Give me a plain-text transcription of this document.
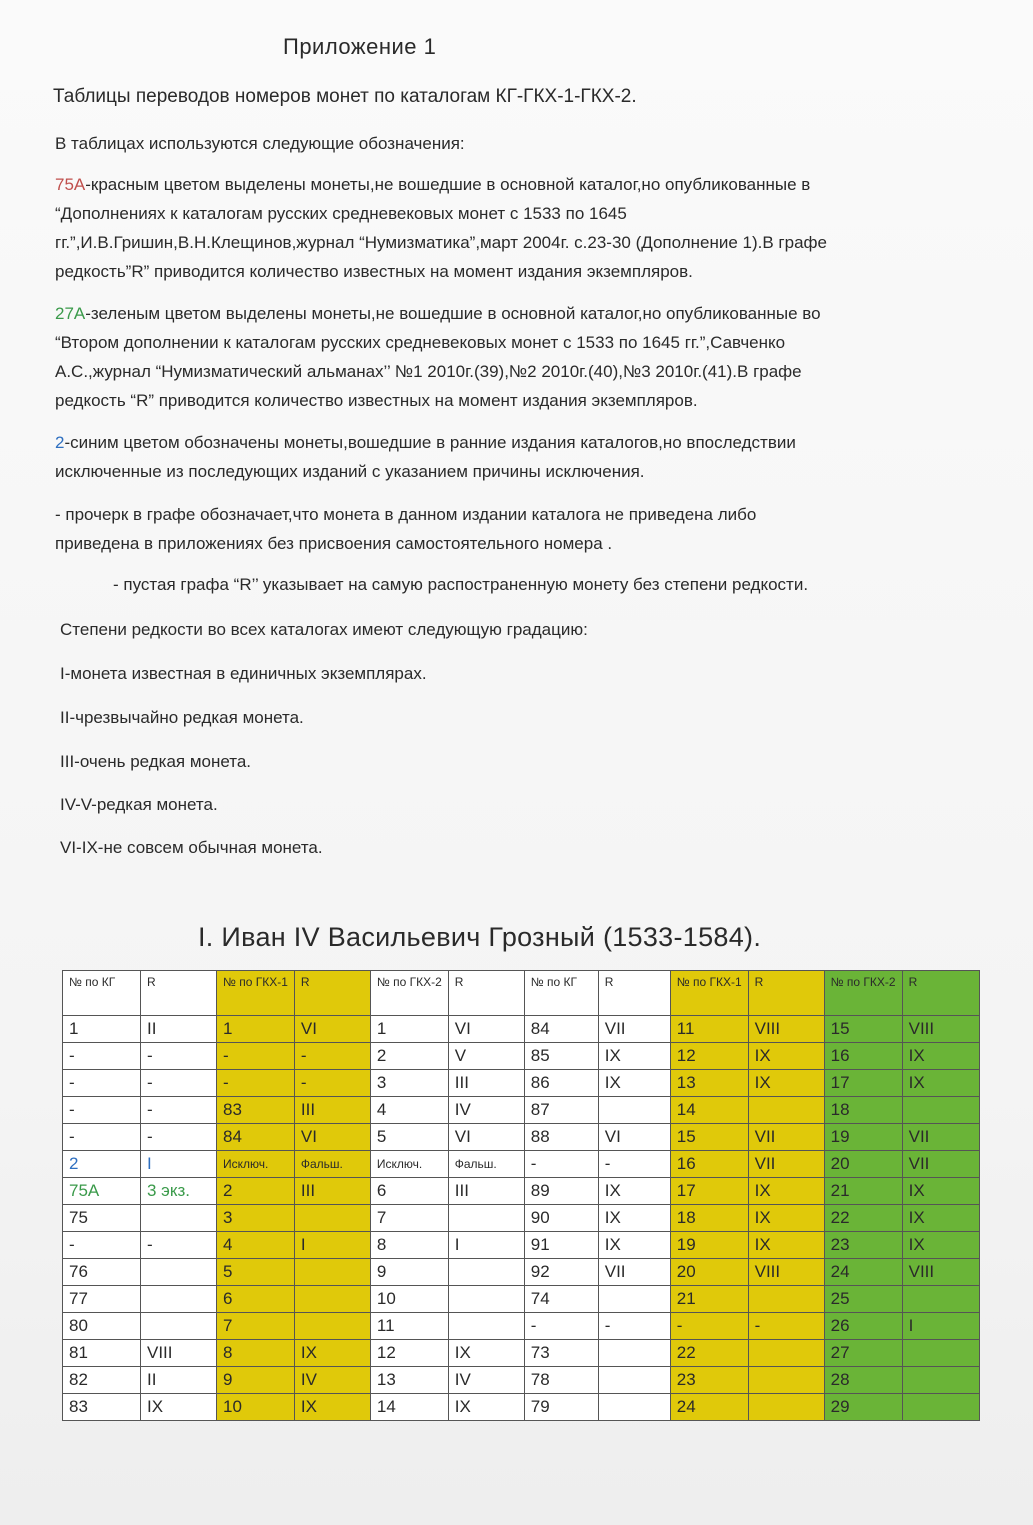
Приложение 1
Таблицы переводов номеров монет по каталогам КГ-ГКХ-1-ГКХ-2.
В таблицах используются следующие обозначения:
75А-красным цветом выделены монеты,не вошедшие в основной каталог,но опубликованные в
“Дополнениях к каталогам русских средневековых монет с 1533 по 1645
гг.”,И.В.Гришин,В.Н.Клещинов,журнал “Нумизматика”,март 2004г. с.23-30 (Дополнение 1).В графе
редкость”R” приводится количество известных на момент издания экземпляров.
27А-зеленым цветом выделены монеты,не вошедшие в основной каталог,но опубликованные во
“Втором дополнении к каталогам русских средневековых монет с 1533 по 1645 гг.”,Савченко
А.С.,журнал “Нумизматический альманах’’ №1 2010г.(39),№2 2010г.(40),№3 2010г.(41).В графе
редкость “R” приводится количество известных на момент издания экземпляров.
2-синим цветом обозначены монеты,вошедшие в ранние издания каталогов,но впоследствии
исключенные из последующих изданий с указанием причины исключения.
- прочерк в графе обозначает,что монета в данном издании каталога не приведена либо
приведена в приложениях без присвоения самостоятельного номера .
- пустая графа “R’’ указывает на самую распостраненную монету без степени редкости.
Степени редкости во всех каталогах имеют следующую градацию:
I-монета известная в единичных экземплярах.
II-чрезвычайно редкая монета.
III-очень редкая монета.
IV-V-редкая монета.
VI-IX-не совсем обычная монета.
I. Иван IV Васильевич Грозный (1533-1584).
№ по КГ	R	№ по ГКХ-1	R	№ по ГКХ-2	R	№ по КГ	R	№ по ГКХ-1	R	№ по ГКХ-2	R
1	II	1	VI	1	VI	84	VII	11	VIII	15	VIII
-	-	-	-	2	V	85	IX	12	IX	16	IX
-	-	-	-	3	III	86	IX	13	IX	17	IX
-	-	83	III	4	IV	87		14		18	
-	-	84	VI	5	VI	88	VI	15	VII	19	VII
2	I	Исключ.	Фальш.	Исключ.	Фальш.	-	-	16	VII	20	VII
75А	3 экз.	2	III	6	III	89	IX	17	IX	21	IX
75		3		7		90	IX	18	IX	22	IX
-	-	4	I	8	I	91	IX	19	IX	23	IX
76		5		9		92	VII	20	VIII	24	VIII
77		6		10		74		21		25	
80		7		11		-	-	-	-	26	I
81	VIII	8	IX	12	IX	73		22		27	
82	II	9	IV	13	IV	78		23		28	
83	IX	10	IX	14	IX	79		24		29	
